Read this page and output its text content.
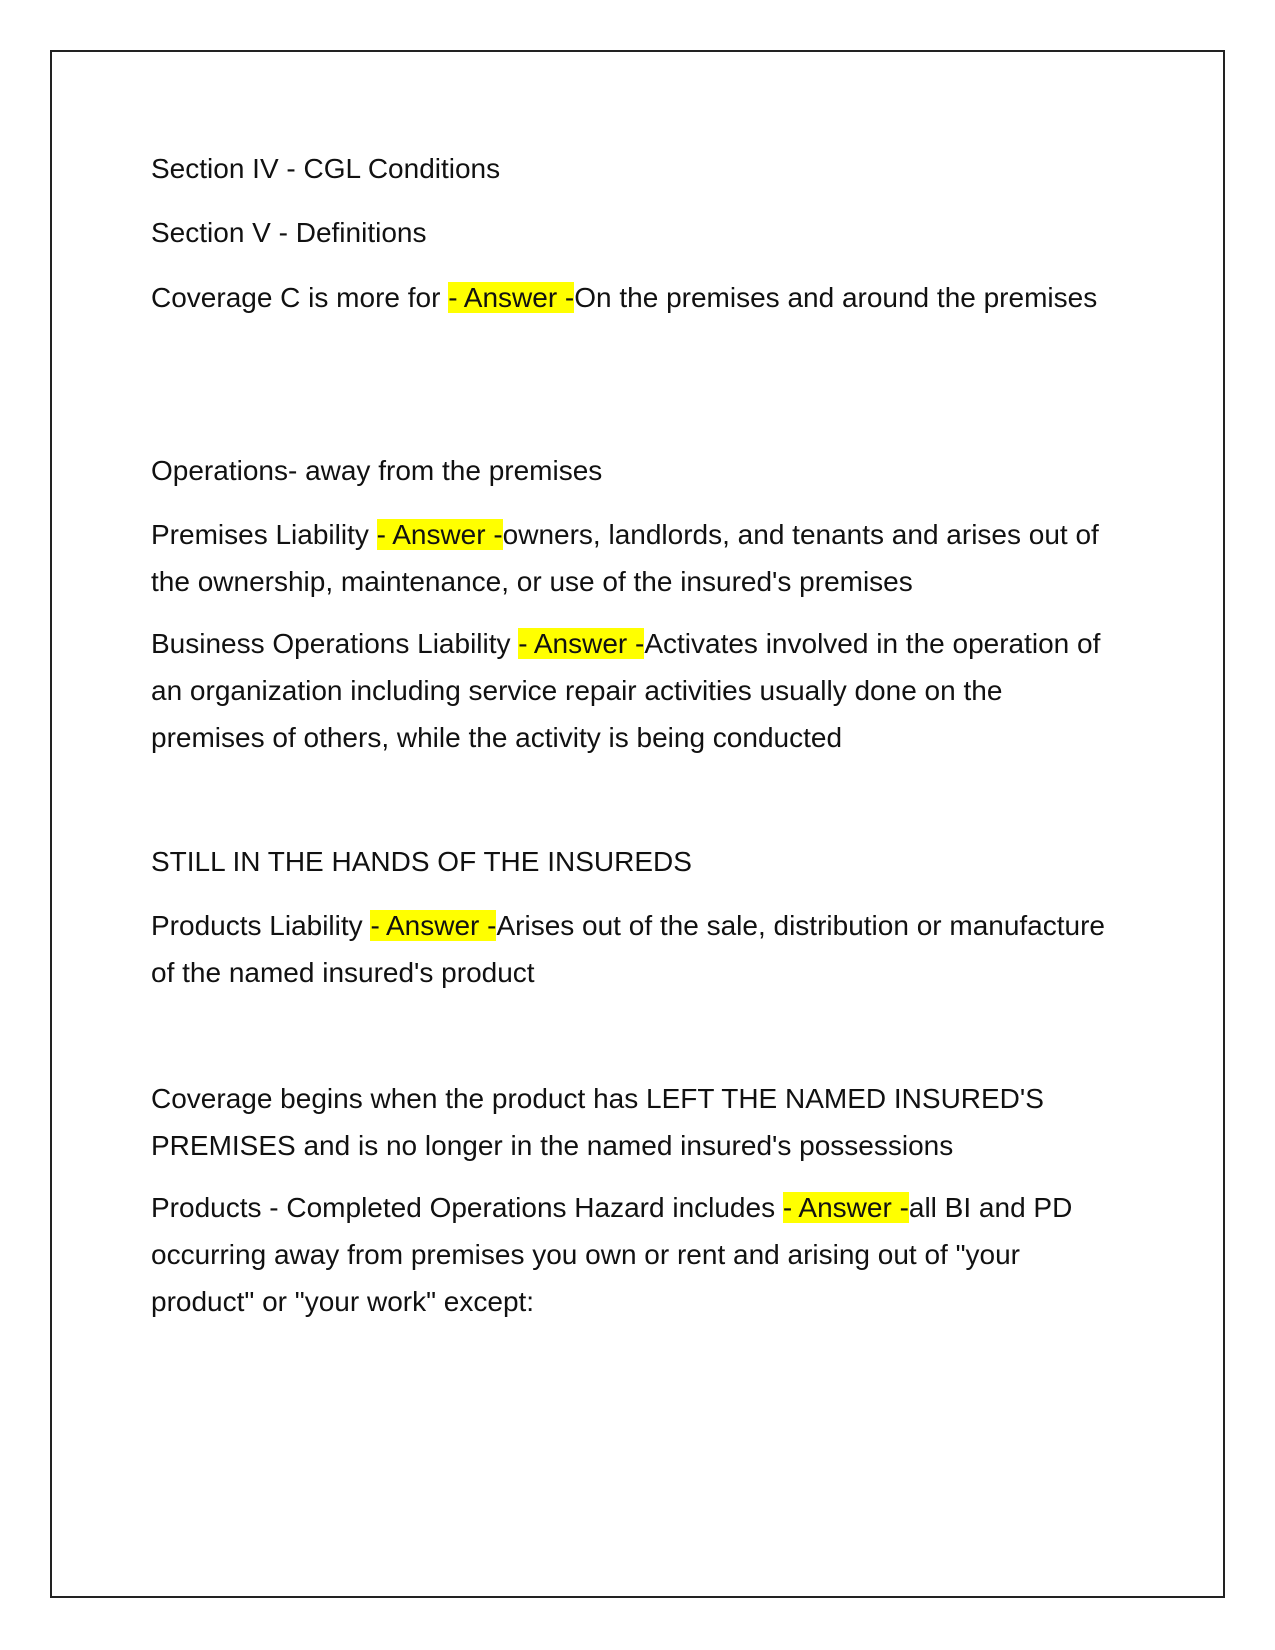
Section IV - CGL Conditions

Section V - Definitions

Coverage C is more for - Answer -On the premises and around the premises

Operations- away from the premises

Premises Liability - Answer -owners, landlords, and tenants and arises out of the ownership, maintenance, or use of the insured's premises

Business Operations Liability - Answer -Activates involved in the operation of an organization including service repair activities usually done on the premises of others, while the activity is being conducted

STILL IN THE HANDS OF THE INSUREDS

Products Liability - Answer -Arises out of the sale, distribution or manufacture of the named insured's product

Coverage begins when the product has LEFT THE NAMED INSURED'S PREMISES and is no longer in the named insured's possessions

Products - Completed Operations Hazard includes - Answer -all BI and PD occurring away from premises you own or rent and arising out of "your product" or "your work" except:
